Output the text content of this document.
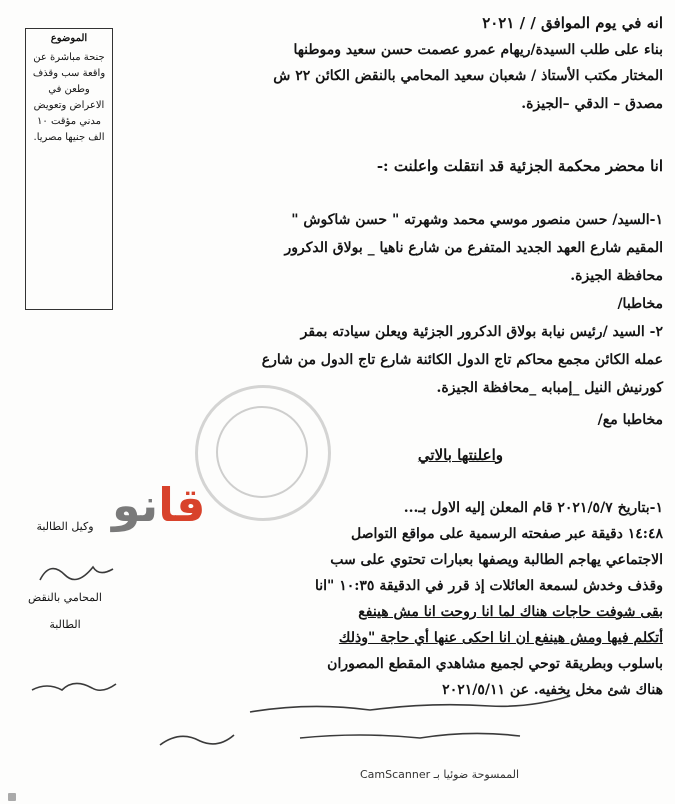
الموضوع
جنحة مباشرة عن واقعة سب وقذف وطعن في الاعراض وتعويض مدني مؤقت ١٠ الف جنيها مصريا.
انه في يوم الموافق / / ٢٠٢١
بناء على طلب السيدة/ريهام عمرو عصمت حسن سعيد وموطنها
المختار مكتب الأستاذ / شعبان سعيد المحامي بالنقض الكائن ٢٢ ش
مصدق – الدقي –الجيزة.
انا محضر محكمة الجزئية قد انتقلت واعلنت :-
١-السيد/ حسن منصور موسي محمد وشهرته " حسن شاكوش "
المقيم شارع العهد الجديد المتفرع من شارع ناهيا _ بولاق الدكرور
محافظة الجيزة.
مخاطبا/
٢- السيد /رئيس نيابة بولاق الدكرور الجزئية ويعلن سيادته بمقر
عمله الكائن مجمع محاكم تاج الدول الكائنة شارع تاج الدول من شارع
كورنيش النيل _إمبابه _محافظة الجيزة.
مخاطبا مع/
واعلنتها بالاتي
١-بتاريخ ٢٠٢١/٥/٧ قام المعلن إليه الاول بـ...
١٤:٤٨ دقيقة عبر صفحته الرسمية على مواقع التواصل
الاجتماعي يهاجم الطالبة ويصفها بعبارات تحتوي على سب
وقذف وخدش لسمعة العائلات إذ قرر في الدقيقة ١٠:٣٥ "انا
بقى شوفت حاجات هناك لما انا روحت انا مش هينفع
أتكلم فيها ومش هينفع ان انا احكى عنها أي حاجة "وذلك
باسلوب وبطريقة توحي لجميع مشاهدي المقطع المصوران
هناك شئ مخل يخفيه. عن ٢٠٢١/٥/١١
قانو
وكيل الطالبة
المحامي بالنقض
الطالبة
الممسوحة ضوئيا بـ CamScanner
